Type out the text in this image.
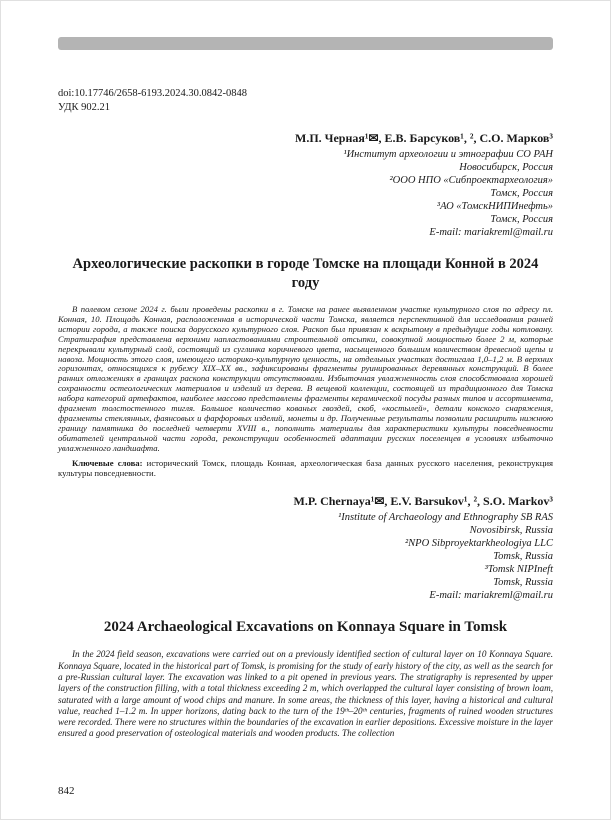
doi:10.17746/2658-6193.2024.30.0842-0848
УДК 902.21
М.П. Черная¹✉, Е.В. Барсуков¹, ², С.О. Марков³
¹Институт археологии и этнографии СО РАН
Новосибирск, Россия
²ООО НПО «Сибпроектархеология»
Томск, Россия
³АО «ТомскНИПИнефть»
Томск, Россия
E-mail: mariakreml@mail.ru
Археологические раскопки в городе Томске на площади Конной в 2024 году

В полевом сезоне 2024 г. были проведены раскопки в г. Томске на ранее выявленном участке культурного слоя по адресу пл. Конная, 10. Площадь Конная, расположенная в исторической части Томска, является перспективной для исследования ранней истории города, а также поиска дорусского культурного слоя. Раскоп был привязан к вскрытому в предыдущие годы котловану. Стратиграфия представлена верхними напластованиями строительной отсыпки, совокупной мощностью более 2 м, которые перекрывали культурный слой, состоящий из суглинка коричневого цвета, насыщенного большим количеством древесной щепы и навоза. Мощность этого слоя, имеющего историко-культурную ценность, на отдельных участках достигала 1,0–1,2 м. В верхних горизонтах, относящихся к рубежу XIX–XX вв., зафиксированы фрагменты руинированных деревянных конструкций. В более ранних отложениях в границах раскопа конструкции отсутствовали. Избыточная увлажненность слоя способствовала хорошей сохранности остеологических материалов и изделий из дерева. В вещевой коллекции, состоящей из традиционного для Томска набора категорий артефактов, наиболее массово представлены фрагменты керамической посуды разных типов и ассортимента, фрагмент толстостенного тигля. Большое количество кованых гвоздей, скоб, «костылей», детали конского снаряжения, фрагменты стеклянных, фаянсовых и фарфоровых изделий, монеты и др. Полученные результаты позволили расширить нижнюю границу памятника до последней четверти XVIII в., пополнить материалы для характеристики культуры повседневности обитателей центральной части города, реконструкции особенностей адаптации русских поселенцев в условиях избыточно увлажненного ландшафта.

Ключевые слова: исторический Томск, площадь Конная, археологическая база данных русского населения, реконструкция культуры повседневности.

M.P. Chernaya¹✉, E.V. Barsukov¹, ², S.O. Markov³
¹Institute of Archaeology and Ethnography SB RAS
Novosibirsk, Russia
²NPO Sibproyektarkheologiya LLC
Tomsk, Russia
³Tomsk NIPIneft
Tomsk, Russia
E-mail: mariakreml@mail.ru
2024 Archaeological Excavations on Konnaya Square in Tomsk

In the 2024 field season, excavations were carried out on a previously identified section of cultural layer on 10 Konnaya Square. Konnaya Square, located in the historical part of Tomsk, is promising for the study of early history of the city, as well as the search for a pre-Russian cultural layer. The excavation was linked to a pit opened in previous years. The stratigraphy is represented by upper layers of the construction filling, with a total thickness exceeding 2 m, which overlapped the cultural layer consisting of brown loam, saturated with a large amount of wood chips and manure. In some areas, the thickness of this layer, having a historical and cultural value, reached 1–1.2 m. In upper horizons, dating back to the turn of the 19ᵗʰ–20ᵗʰ centuries, fragments of ruined wooden structures were recorded. There were no structures within the boundaries of the excavation in earlier depositions. Excessive moisture in the layer ensured a good preservation of osteological materials and wooden products. The collection

842
